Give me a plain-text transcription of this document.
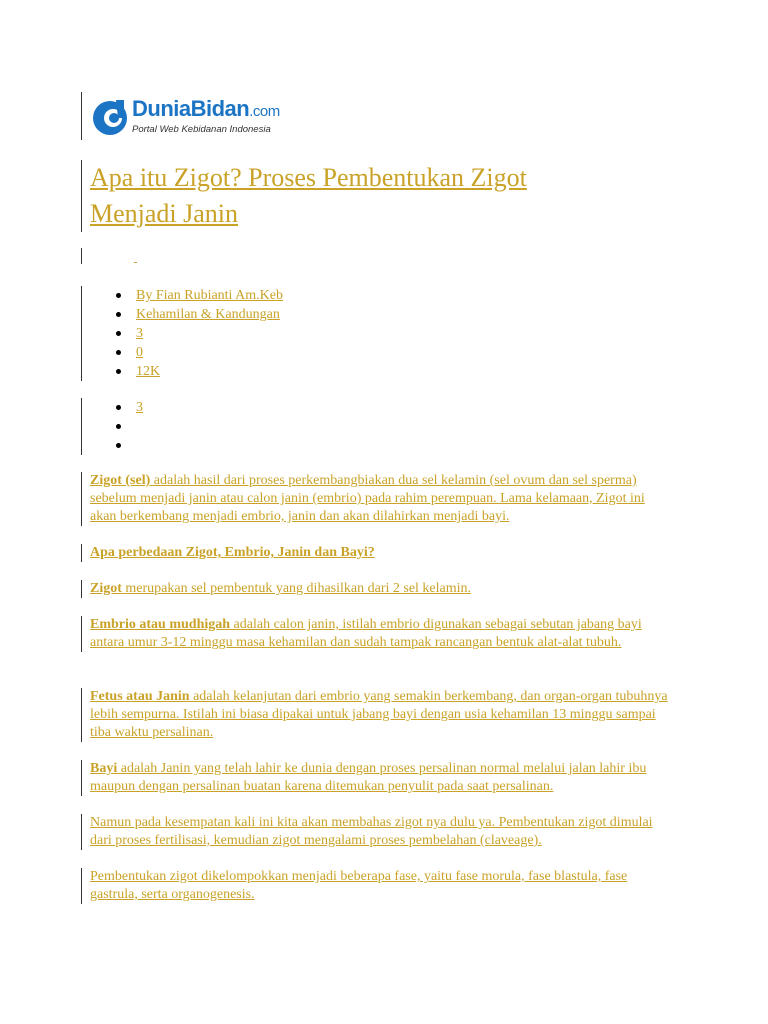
DuniaBidan.com
Portal Web Kebidanan Indonesia
Apa itu Zigot? Proses Pembentukan Zigot
Menjadi Janin

By Fian Rubianti Am.Keb
Kehamilan & Kandungan
3
0
12K
3

Zigot (sel) adalah hasil dari proses perkembangbiakan dua sel kelamin (sel ovum dan sel sperma) sebelum menjadi janin atau calon janin (embrio) pada rahim perempuan. Lama kelamaan, Zigot ini akan berkembang menjadi embrio, janin dan akan dilahirkan menjadi bayi.
Apa perbedaan Zigot, Embrio, Janin dan Bayi?
Zigot merupakan sel pembentuk yang dihasilkan dari 2 sel kelamin.
Embrio atau mudhigah adalah calon janin, istilah embrio digunakan sebagai sebutan jabang bayi antara umur 3-12 minggu masa kehamilan dan sudah tampak rancangan bentuk alat-alat tubuh.
Fetus atau Janin adalah kelanjutan dari embrio yang semakin berkembang, dan organ-organ tubuhnya lebih sempurna. Istilah ini biasa dipakai untuk jabang bayi dengan usia kehamilan 13 minggu sampai tiba waktu persalinan.
Bayi adalah Janin yang telah lahir ke dunia dengan proses persalinan normal melalui jalan lahir ibu maupun dengan persalinan buatan karena ditemukan penyulit pada saat persalinan.
Namun pada kesempatan kali ini kita akan membahas zigot nya dulu ya. Pembentukan zigot dimulai dari proses fertilisasi, kemudian zigot mengalami proses pembelahan (claveage).
Pembentukan zigot dikelompokkan menjadi beberapa fase, yaitu fase morula, fase blastula, fase gastrula, serta organogenesis.
